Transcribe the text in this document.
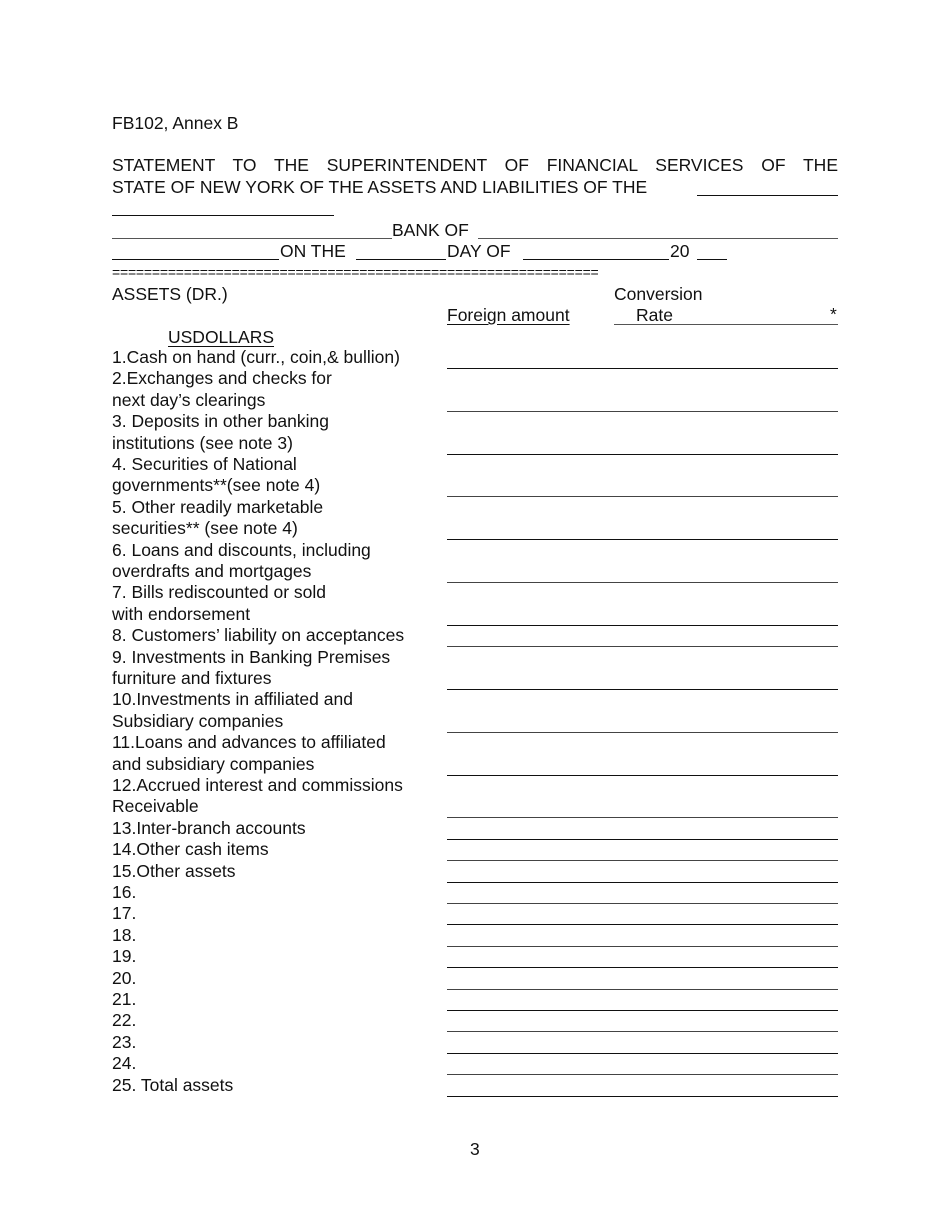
FB102, Annex B
STATEMENT TO THE SUPERINTENDENT OF FINANCIAL SERVICES OF THE
STATE OF NEW YORK OF THE ASSETS AND LIABILITIES OF THE
BANK OF
ON THE	DAY OF	20
=============================================================
ASSETS (DR.)	Conversion
Foreign amount	Rate	*
USDOLLARS
1.Cash on hand (curr., coin,& bullion)
2.Exchanges and checks for
next day’s clearings
3. Deposits in other banking
institutions (see note 3)
4. Securities of National
governments**(see note 4)
5. Other readily marketable
securities** (see note 4)
6. Loans and discounts, including
overdrafts and mortgages
7. Bills rediscounted or sold
with endorsement
8. Customers’ liability on acceptances
9. Investments in Banking Premises
furniture and fixtures
10.Investments in affiliated and
Subsidiary companies
11.Loans and advances to affiliated
and subsidiary companies
12.Accrued interest and commissions
Receivable
13.Inter-branch accounts
14.Other cash items
15.Other assets
16.
17.
18.
19.
20.
21.
22.
23.
24.
25. Total assets
3
